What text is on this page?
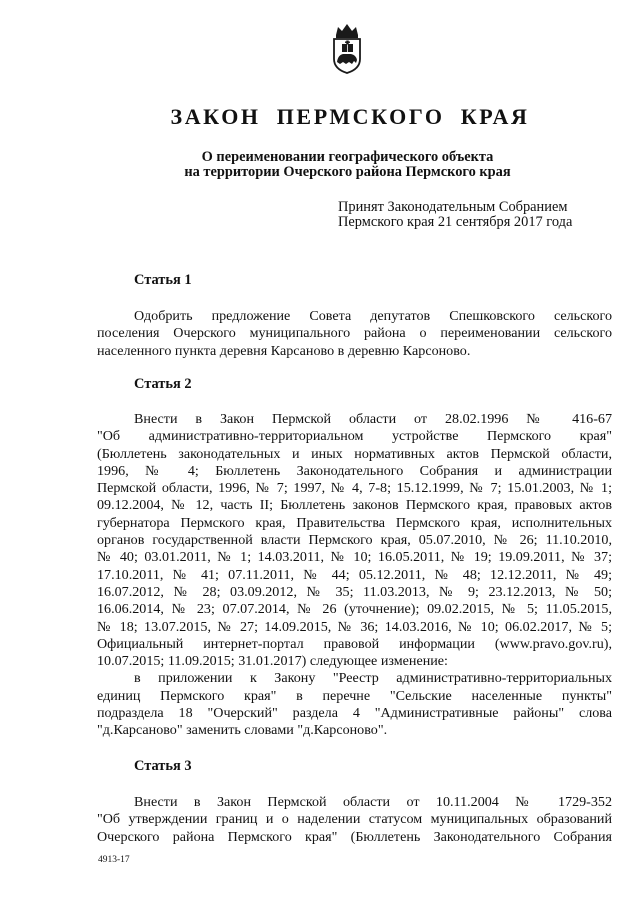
ЗАКОН ПЕРМСКОГО КРАЯ
О переименовании географического объекта
на территории Очерского района Пермского края
Принят Законодательным Собранием
Пермского края 21 сентября 2017 года
Статья 1
Одобрить предложение Совета депутатов Спешковского сельского
поселения Очерского муниципального района о переименовании сельского
населенного пункта деревня Карсаново в деревню Карсоново.
Статья 2
Внести в Закон Пермской области от 28.02.1996 № 416-67
"Об административно-территориальном устройстве Пермского края"
(Бюллетень законодательных и иных нормативных актов Пермской области,
1996, № 4; Бюллетень Законодательного Собрания и администрации
Пермской области, 1996, № 7; 1997, № 4, 7-8; 15.12.1999, № 7; 15.01.2003, № 1;
09.12.2004, № 12, часть II; Бюллетень законов Пермского края, правовых актов
губернатора Пермского края, Правительства Пермского края, исполнительных
органов государственной власти Пермского края, 05.07.2010, № 26; 11.10.2010,
№ 40; 03.01.2011, № 1; 14.03.2011, № 10; 16.05.2011, № 19; 19.09.2011, № 37;
17.10.2011, № 41; 07.11.2011, № 44; 05.12.2011, № 48; 12.12.2011, № 49;
16.07.2012, № 28; 03.09.2012, № 35; 11.03.2013, № 9; 23.12.2013, № 50;
16.06.2014, № 23; 07.07.2014, № 26 (уточнение); 09.02.2015, № 5; 11.05.2015,
№ 18; 13.07.2015, № 27; 14.09.2015, № 36; 14.03.2016, № 10; 06.02.2017, № 5;
Официальный интернет-портал правовой информации (www.pravo.gov.ru),
10.07.2015; 11.09.2015; 31.01.2017) следующее изменение:
в приложении к Закону "Реестр административно-территориальных
единиц Пермского края" в перечне "Сельские населенные пункты"
подраздела 18 "Очерский" раздела 4 "Административные районы" слова
"д.Карсаново" заменить словами "д.Карсоново".
Статья 3
Внести в Закон Пермской области от 10.11.2004 № 1729-352
"Об утверждении границ и о наделении статусом муниципальных образований
Очерского района Пермского края" (Бюллетень Законодательного Собрания
4913-17
